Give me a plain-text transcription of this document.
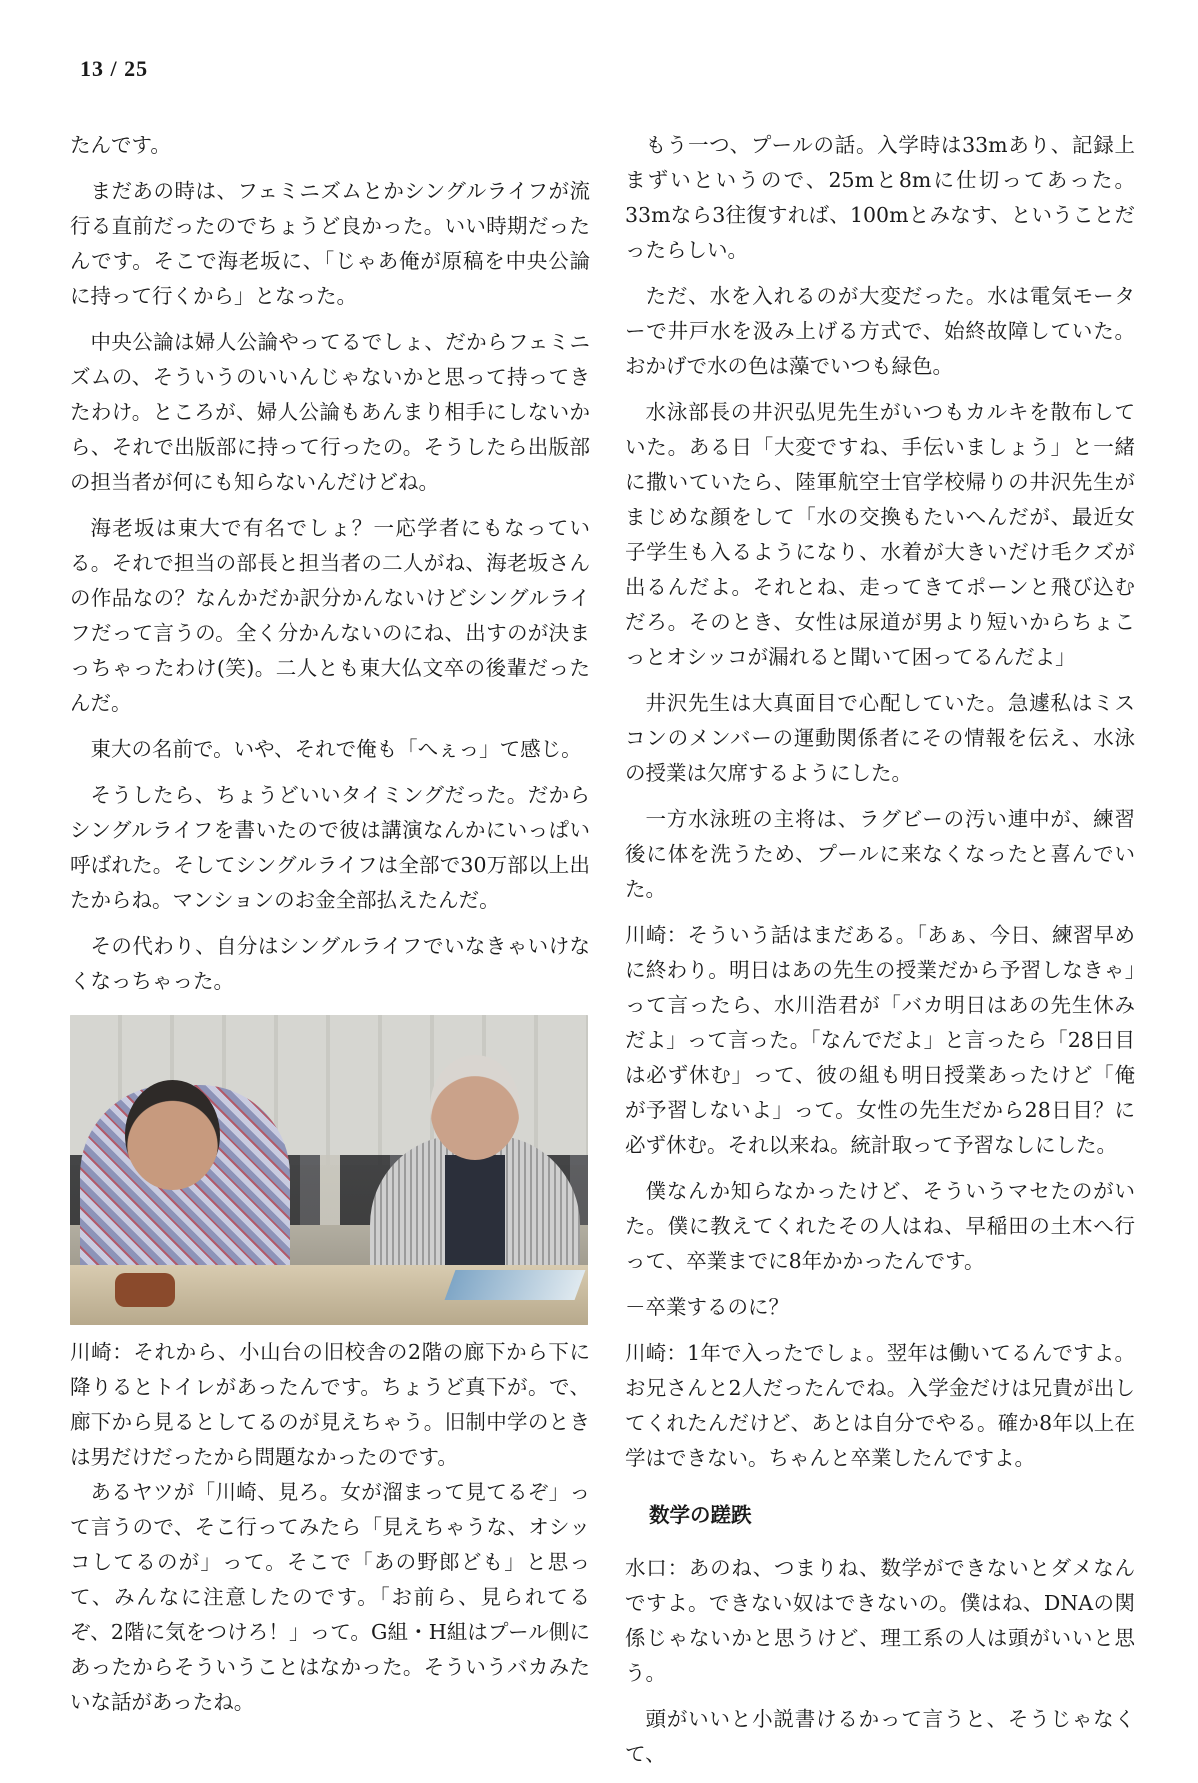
13 / 25

たんです。

まだあの時は、フェミニズムとかシングルライフが流行る直前だったのでちょうど良かった。いい時期だったんです。そこで海老坂に、「じゃあ俺が原稿を中央公論に持って行くから」となった。

中央公論は婦人公論やってるでしょ、だからフェミニズムの、そういうのいいんじゃないかと思って持ってきたわけ。ところが、婦人公論もあんまり相手にしないから、それで出版部に持って行ったの。そうしたら出版部の担当者が何にも知らないんだけどね。

海老坂は東大で有名でしょ？一応学者にもなっている。それで担当の部長と担当者の二人がね、海老坂さんの作品なの？なんかだか訳分かんないけどシングルライフだって言うの。全く分かんないのにね、出すのが決まっちゃったわけ(笑)。二人とも東大仏文卒の後輩だったんだ。

東大の名前で。いや、それで俺も「へぇっ」て感じ。

そうしたら、ちょうどいいタイミングだった。だからシングルライフを書いたので彼は講演なんかにいっぱい呼ばれた。そしてシングルライフは全部で30万部以上出たからね。マンションのお金全部払えたんだ。

その代わり、自分はシングルライフでいなきゃいけなくなっちゃった。

川崎：それから、小山台の旧校舎の2階の廊下から下に降りるとトイレがあったんです。ちょうど真下が。で、廊下から見るとしてるのが見えちゃう。旧制中学のときは男だけだったから問題なかったのです。

あるヤツが「川崎、見ろ。女が溜まって見てるぞ」って言うので、そこ行ってみたら「見えちゃうな、オシッコしてるのが」って。そこで「あの野郎ども」と思って、みんなに注意したのです。「お前ら、見られてるぞ、2階に気をつけろ！」って。G組・H組はプール側にあったからそういうことはなかった。そういうバカみたいな話があったね。

もう一つ、プールの話。入学時は33mあり、記録上まずいというので、25mと8mに仕切ってあった。33mなら3往復すれば、100mとみなす、ということだったらしい。

ただ、水を入れるのが大変だった。水は電気モーターで井戸水を汲み上げる方式で、始終故障していた。おかげで水の色は藻でいつも緑色。

水泳部長の井沢弘児先生がいつもカルキを散布していた。ある日「大変ですね、手伝いましょう」と一緒に撒いていたら、陸軍航空士官学校帰りの井沢先生がまじめな顔をして「水の交換もたいへんだが、最近女子学生も入るようになり、水着が大きいだけ毛クズが出るんだよ。それとね、走ってきてポーンと飛び込むだろ。そのとき、女性は尿道が男より短いからちょこっとオシッコが漏れると聞いて困ってるんだよ」

井沢先生は大真面目で心配していた。急遽私はミスコンのメンバーの運動関係者にその情報を伝え、水泳の授業は欠席するようにした。

一方水泳班の主将は、ラグビーの汚い連中が、練習後に体を洗うため、プールに来なくなったと喜んでいた。

川崎：そういう話はまだある。「あぁ、今日、練習早めに終わり。明日はあの先生の授業だから予習しなきゃ」って言ったら、水川浩君が「バカ明日はあの先生休みだよ」って言った。「なんでだよ」と言ったら「28日目は必ず休む」って、彼の組も明日授業あったけど「俺が予習しないよ」って。女性の先生だから28日目？に必ず休む。それ以来ね。統計取って予習なしにした。

僕なんか知らなかったけど、そういうマセたのがいた。僕に教えてくれたその人はね、早稲田の土木へ行って、卒業までに8年かかったんです。

－卒業するのに？

川崎：1年で入ったでしょ。翌年は働いてるんですよ。お兄さんと2人だったんでね。入学金だけは兄貴が出してくれたんだけど、あとは自分でやる。確か8年以上在学はできない。ちゃんと卒業したんですよ。

数学の蹉跌

水口：あのね、つまりね、数学ができないとダメなんですよ。できない奴はできないの。僕はね、DNAの関係じゃないかと思うけど、理工系の人は頭がいいと思う。

頭がいいと小説書けるかって言うと、そうじゃなくて、
